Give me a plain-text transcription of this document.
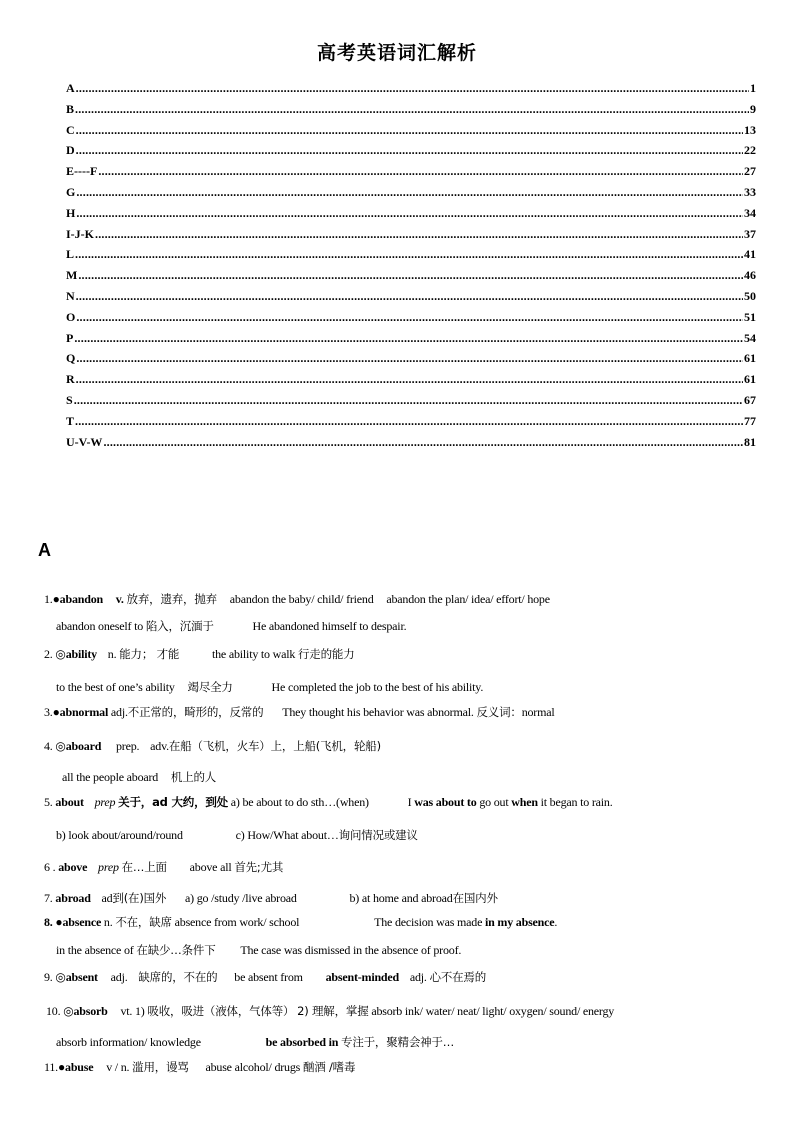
高考英语词汇解析
A .....	1
B .....	9
C .....	13
D .....	22
E----F .....	27
G .....	33
H .....	34
I-J-K .....	37
L .....	41
M .....	46
N .....	50
O .....	51
P .....	54
Q .....	61
R .....	61
S .....	67
T .....	77
U-V-W .....	81
A
1.●abandon v. 放弃，遗弃，抛弃 abandon the baby/ child/ friend abandon the plan/ idea/ effort/ hope
abandon oneself to 陷入，沉湎于	He abandoned himself to despair.
2. ◎ability n. 能力； 才能	the ability to walk 行走的能力
to the best of one’s ability 竭尽全力	He completed the job to the best of his ability.
3.●abnormal adj.不正常的，畸形的，反常的 They thought his behavior was abnormal. 反义词：normal
4. ◎aboard prep. adv.在船（飞机，火车）上，上船(飞机，轮船)
all the people aboard 机上的人
5. about prep 关于，ad 大约，到处 a) be about to do sth…(when)	I was about to go out when it began to rain.
b) look about/around/round	c) How/What about…询问情况或建议
6 . above prep 在…上面 above all 首先;尤其
7. abroad ad到(在)国外 a) go /study /live abroad	b) at home and abroad在国内外
8. ●absence n. 不在，缺席 absence from work/ school	The decision was made in my absence.
in the absence of 在缺少…条件下 The case was dismissed in the absence of proof.
9. ◎absent adj. 缺席的，不在的 be absent from absent-minded adj. 心不在焉的
10. ◎absorb vt. 1) 吸收，吸进（液体，气体等） 2) 理解，掌握 absorb ink/ water/ neat/ light/ oxygen/ sound/ energy
absorb information/ knowledge	be absorbed in 专注于，聚精会神于…
11.●abuse v / n. 滥用，谩骂 abuse alcohol/ drugs 酗酒 /嗜毒
